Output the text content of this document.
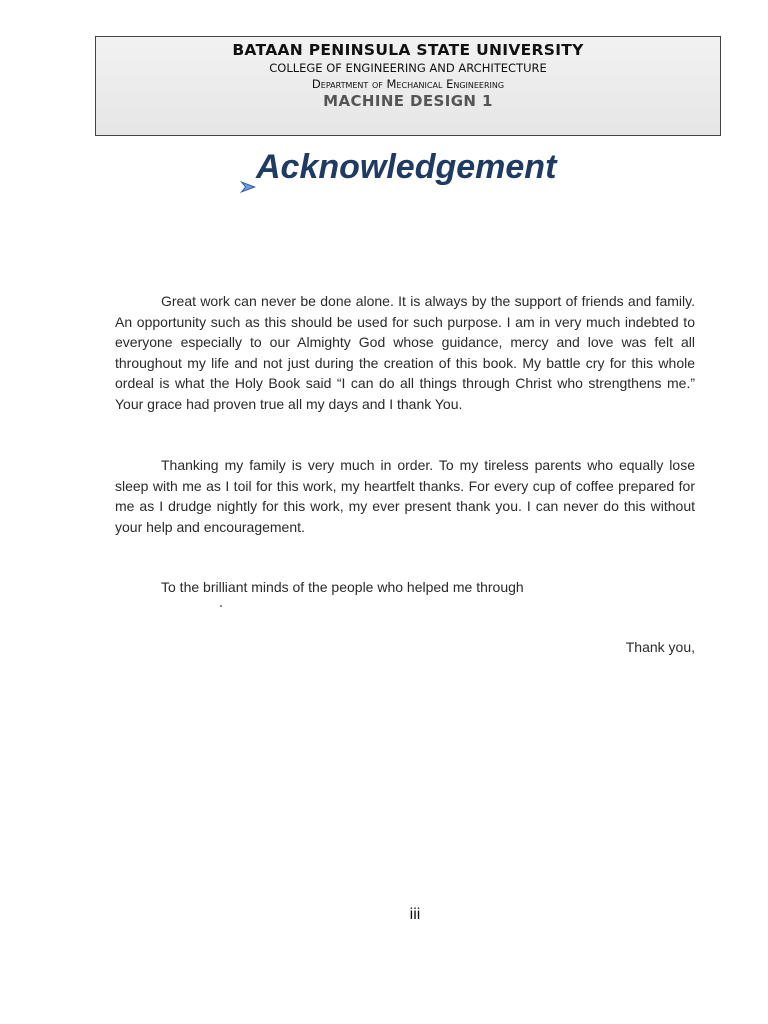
BATAAN PENINSULA STATE UNIVERSITY
COLLEGE OF ENGINEERING AND ARCHITECTURE
Department of Mechanical Engineering
MACHINE DESIGN 1
Acknowledgement

Great work can never be done alone. It is always by the support of friends and family. An opportunity such as this should be used for such purpose. I am in very much indebted to everyone especially to our Almighty God whose guidance, mercy and love was felt all throughout my life and not just during the creation of this book. My battle cry for this whole ordeal is what the Holy Book said “I can do all things through Christ who strengthens me.” Your grace had proven true all my days and I thank You.

Thanking my family is very much in order. To my tireless parents who equally lose sleep with me as I toil for this work, my heartfelt thanks. For every cup of coffee prepared for me as I drudge nightly for this work, my ever present thank you. I can never do this without your help and encouragement.

To the brilliant minds of the people who helped me through

Thank you,
iii
